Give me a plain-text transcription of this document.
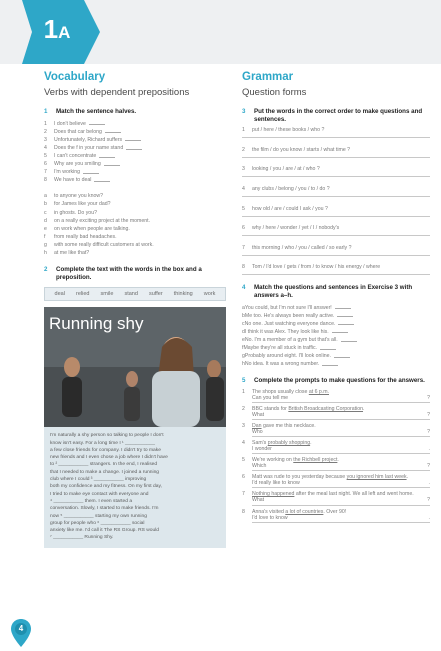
1A
Vocabulary
Verbs with dependent prepositions
1	Match the sentence halves.
1 I don't believe
2 Does that car belong
3 Unfortunately, Richard suffers
4 Does the f in your name stand
5 I can't concentrate
6 Why are you smiling
7 I'm working
8 We have to deal
a to anyone you know?
b for James like your dad?
c in ghosts. Do you?
d on a really exciting project at the moment.
e on work when people are talking.
f from really bad headaches.
g with some really difficult customers at work.
h at me like that?
2	Complete the text with the words in the box and a preposition.
deal relied smile stand suffer thinking work
Running shy

I'm naturally a shy person so talking to people I don't

know isn't easy. For a long time I ¹ ___________

a few close friends for company. I didn't try to make

new friends and I even chose a job where I didn't have

to ² ___________ strangers. In the end, I realised

that I needed to make a change. I joined a running

club where I could ³ ___________ improving

both my confidence and my fitness. On my first day,

I tried to make eye contact with everyone and

⁴ ___________ them. I even started a

conversation. Slowly, I started to make friends. I'm

now ⁵ ___________ starting my own running

group for people who ⁶ ___________ social

anxiety like me. I'd call it The RS Group. RS would

⁷ ___________ Running Shy.

Grammar
Question forms
3	Put the words in the correct order to make questions and sentences.
1 put / here / these books / who ?
2 the film / do you know / starts / what time ?
3 looking / you / are / at / who ?
4 any clubs / belong / you / to / do ?
5 how old / are / could I ask / you ?
6 why / here / wonder / yet / I / nobody's
7 this morning / who / you / called / so early ?
8 Tom / I'd love / gets / from / to know / his energy / where
4	Match the questions and sentences in Exercise 3 with answers a–h.
aYou could, but I'm not sure I'll answer!
bMe too. He's always been really active.
cNo one. Just watching everyone dance.
dI think it was Alex. They look like his.
eNo. I'm a member of a gym but that's all.
fMaybe they're all stuck in traffic.
gProbably around eight. I'll look online.
hNo idea. It was a wrong number.
5	Complete the prompts to make questions for the answers.
1	The shops usually close at 6 p.m.
Can you tell me	?
2	BBC stands for British Broadcasting Corporation.
What	?
3	Dan gave me this necklace.
Who	?
4	Sam's probably shopping.
I wonder	.
5	We're working on the Richbell project.
Which	?
6	Matt was rude to you yesterday because you ignored him last week.
I'd really like to know	.
7	Nothing happened after the meal last night. We all left and went home.
What	?
8	Anna's visited a lot of countries. Over 90!
I'd love to know	.
4
